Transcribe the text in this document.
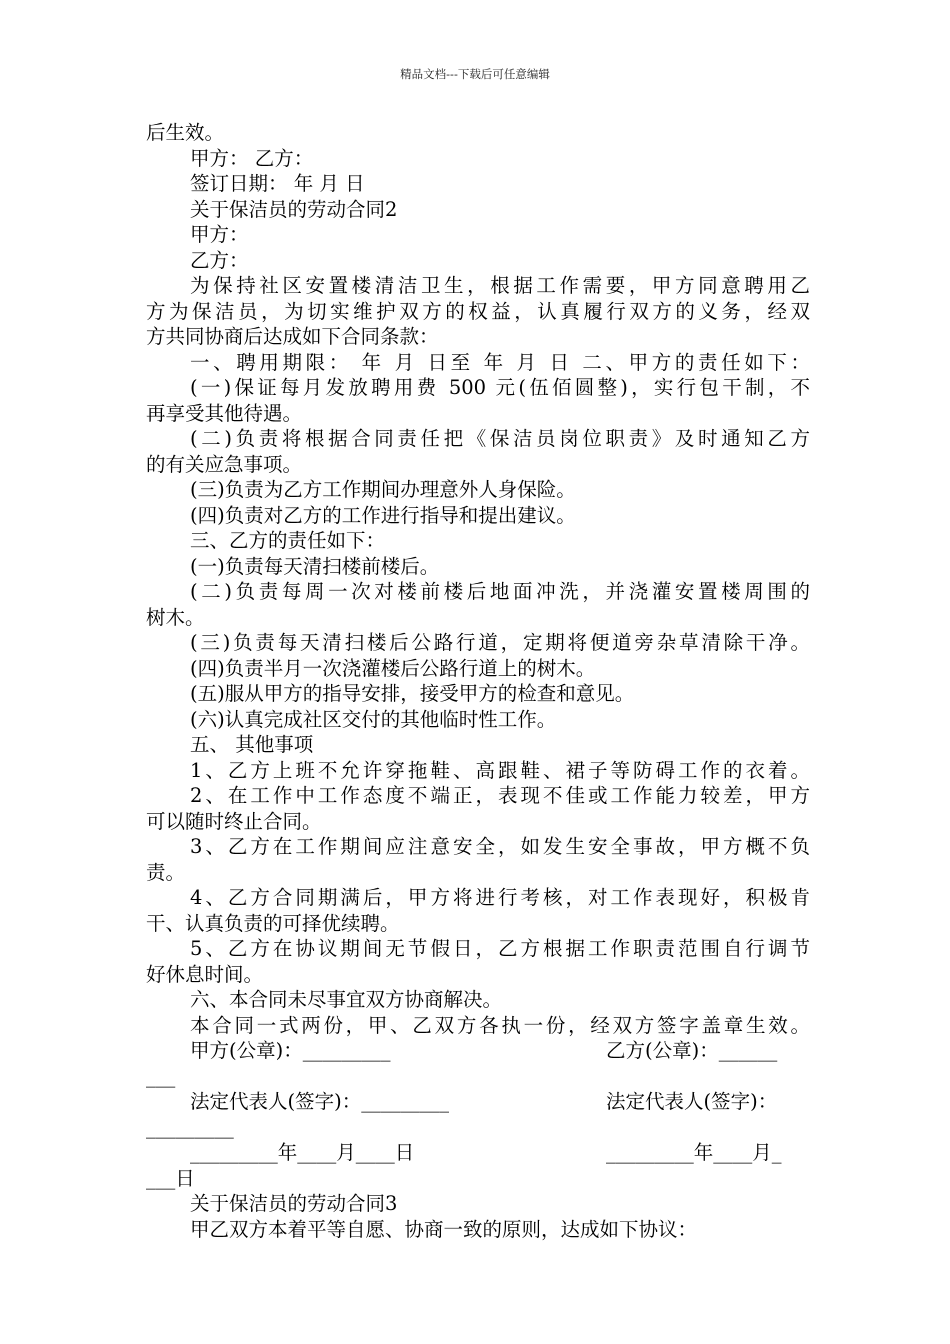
精品文档---下载后可任意编辑
后生效。
甲方： 乙方：
签订日期： 年 月 日
关于保洁员的劳动合同2
甲方：
乙方：
为保持社区安置楼清洁卫生，根据工作需要，甲方同意聘用乙
方为保洁员，为切实维护双方的权益，认真履行双方的义务，经双
方共同协商后达成如下合同条款：
一、聘用期限： 年 月 日至 年 月 日 二、甲方的责任如下：
(一)保证每月发放聘用费 500 元(伍佰圆整)，实行包干制，不
再享受其他待遇。
(二)负责将根据合同责任把《保洁员岗位职责》及时通知乙方
的有关应急事项。
(三)负责为乙方工作期间办理意外人身保险。
(四)负责对乙方的工作进行指导和提出建议。
三、乙方的责任如下：
(一)负责每天清扫楼前楼后。
(二)负责每周一次对楼前楼后地面冲洗，并浇灌安置楼周围的
树木。
(三)负责每天清扫楼后公路行道，定期将便道旁杂草清除干净。
(四)负责半月一次浇灌楼后公路行道上的树木。
(五)服从甲方的指导安排，接受甲方的检查和意见。
(六)认真完成社区交付的其他临时性工作。
五、 其他事项
1、乙方上班不允许穿拖鞋、高跟鞋、裙子等防碍工作的衣着。
2、在工作中工作态度不端正，表现不佳或工作能力较差，甲方
可以随时终止合同。
3、乙方在工作期间应注意安全，如发生安全事故，甲方概不负
责。
4、乙方合同期满后，甲方将进行考核，对工作表现好，积极肯
干、认真负责的可择优续聘。
5、乙方在协议期间无节假日，乙方根据工作职责范围自行调节
好休息时间。
六、本合同未尽事宜双方协商解决。
本合同一式两份，甲、乙双方各执一份，经双方签字盖章生效。
甲方(公章)：_________	乙方(公章)：______
___
法定代表人(签字)：_________	法定代表人(签字)：
_________
_________年____月____日	_________年____月_
___日
关于保洁员的劳动合同3
甲乙双方本着平等自愿、协商一致的原则，达成如下协议：
